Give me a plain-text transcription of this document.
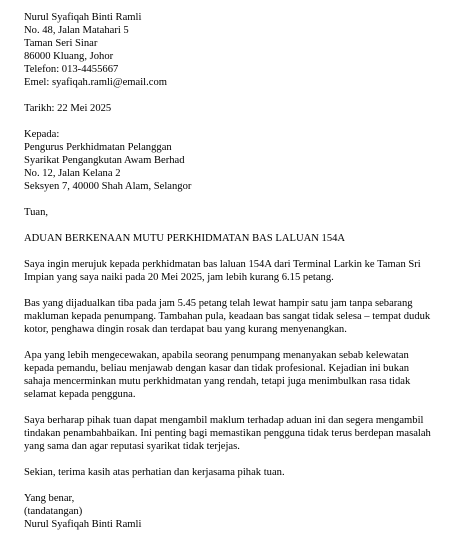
Nurul Syafiqah Binti Ramli
No. 48, Jalan Matahari 5
Taman Seri Sinar
86000 Kluang, Johor
Telefon: 013-4455667
Emel: syafiqah.ramli@email.com
Tarikh: 22 Mei 2025
Kepada:
Pengurus Perkhidmatan Pelanggan
Syarikat Pengangkutan Awam Berhad
No. 12, Jalan Kelana 2
Seksyen 7, 40000 Shah Alam, Selangor
Tuan,
ADUAN BERKENAAN MUTU PERKHIDMATAN BAS LALUAN 154A
Saya ingin merujuk kepada perkhidmatan bas laluan 154A dari Terminal Larkin ke Taman Sri
Impian yang saya naiki pada 20 Mei 2025, jam lebih kurang 6.15 petang.
Bas yang dijadualkan tiba pada jam 5.45 petang telah lewat hampir satu jam tanpa sebarang
makluman kepada penumpang. Tambahan pula, keadaan bas sangat tidak selesa – tempat duduk
kotor, penghawa dingin rosak dan terdapat bau yang kurang menyenangkan.
Apa yang lebih mengecewakan, apabila seorang penumpang menanyakan sebab kelewatan
kepada pemandu, beliau menjawab dengan kasar dan tidak profesional. Kejadian ini bukan
sahaja mencerminkan mutu perkhidmatan yang rendah, tetapi juga menimbulkan rasa tidak
selamat kepada pengguna.
Saya berharap pihak tuan dapat mengambil maklum terhadap aduan ini dan segera mengambil
tindakan penambahbaikan. Ini penting bagi memastikan pengguna tidak terus berdepan masalah
yang sama dan agar reputasi syarikat tidak terjejas.
Sekian, terima kasih atas perhatian dan kerjasama pihak tuan.
Yang benar,
(tandatangan)
Nurul Syafiqah Binti Ramli
